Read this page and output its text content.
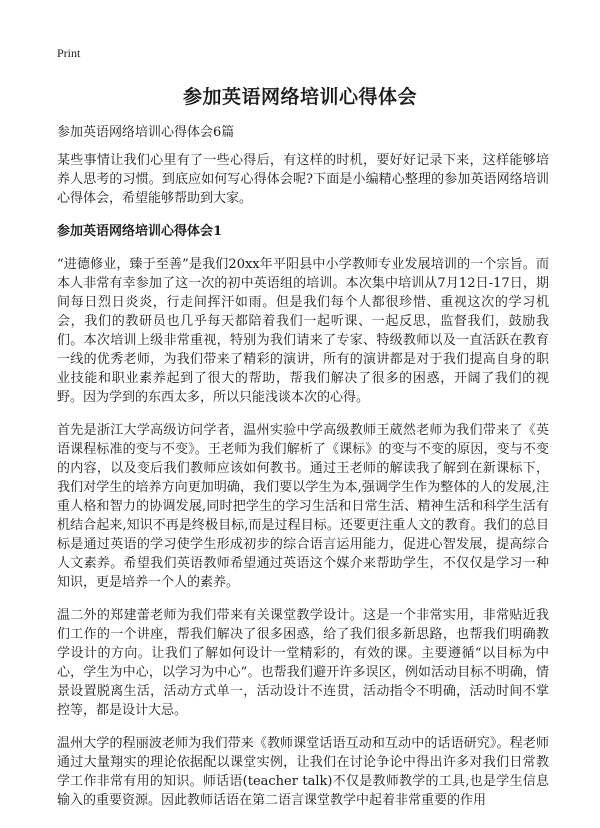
Print
参加英语网络培训心得体会

参加英语网络培训心得体会6篇

某些事情让我们心里有了一些心得后，有这样的时机，要好好记录下来，这样能够培养人思考的习惯。到底应如何写心得体会呢?下面是小编精心整理的参加英语网络培训心得体会，希望能够帮助到大家。

参加英语网络培训心得体会1

“进德修业，臻于至善”是我们20xx年平阳县中小学教师专业发展培训的一个宗旨。而本人非常有幸参加了这一次的初中英语组的培训。本次集中培训从7月12日-17日，期间每日烈日炎炎，行走间挥汗如雨。但是我们每个人都很珍惜、重视这次的学习机会，我们的教研员也几乎每天都陪着我们一起听课、一起反思，监督我们，鼓励我们。本次培训上级非常重视，特别为我们请来了专家、特级教师以及一直活跃在教育一线的优秀老师，为我们带来了精彩的演讲，所有的演讲都是对于我们提高自身的职业技能和职业素养起到了很大的帮助，帮我们解决了很多的困惑，开阔了我们的视野。因为学到的东西太多，所以只能浅谈本次的心得。

首先是浙江大学高级访问学者，温州实验中学高级教师王葳然老师为我们带来了《英语课程标准的变与不变》。王老师为我们解析了《课标》的变与不变的原因，变与不变的内容，以及变后我们教师应该如何教书。通过王老师的解读我了解到在新课标下，我们对学生的培养方向更加明确，我们要以学生为本,强调学生作为整体的人的发展,注重人格和智力的协调发展,同时把学生的学习生活和日常生活、精神生活和科学生活有机结合起来,知识不再是终极目标,而是过程目标。还要更注重人文的教育。我们的总目标是通过英语的学习使学生形成初步的综合语言运用能力，促进心智发展，提高综合人文素养。希望我们英语教师希望通过英语这个媒介来帮助学生，不仅仅是学习一种知识，更是培养一个人的素养。

温二外的郑建蕾老师为我们带来有关课堂教学设计。这是一个非常实用，非常贴近我们工作的一个讲座，帮我们解决了很多困惑，给了我们很多新思路，也帮我们明确教学设计的方向。让我们了解如何设计一堂精彩的，有效的课。主要遵循“以目标为中心，学生为中心，以学习为中心”。也帮我们避开许多误区，例如活动目标不明确，情景设置脱离生活，活动方式单一，活动设计不连贯，活动指令不明确，活动时间不掌控等，都是设计大忌。

温州大学的程丽波老师为我们带来《教师课堂话语互动和互动中的话语研究》。程老师通过大量翔实的理论依据配以课堂实例，让我们在讨论争论中得出许多对我们日常教学工作非常有用的知识。师话语(teacher talk)不仅是教师教学的工具,也是学生信息输入的重要资源。因此教师话语在第二语言课堂教学中起着非常重要的作用
